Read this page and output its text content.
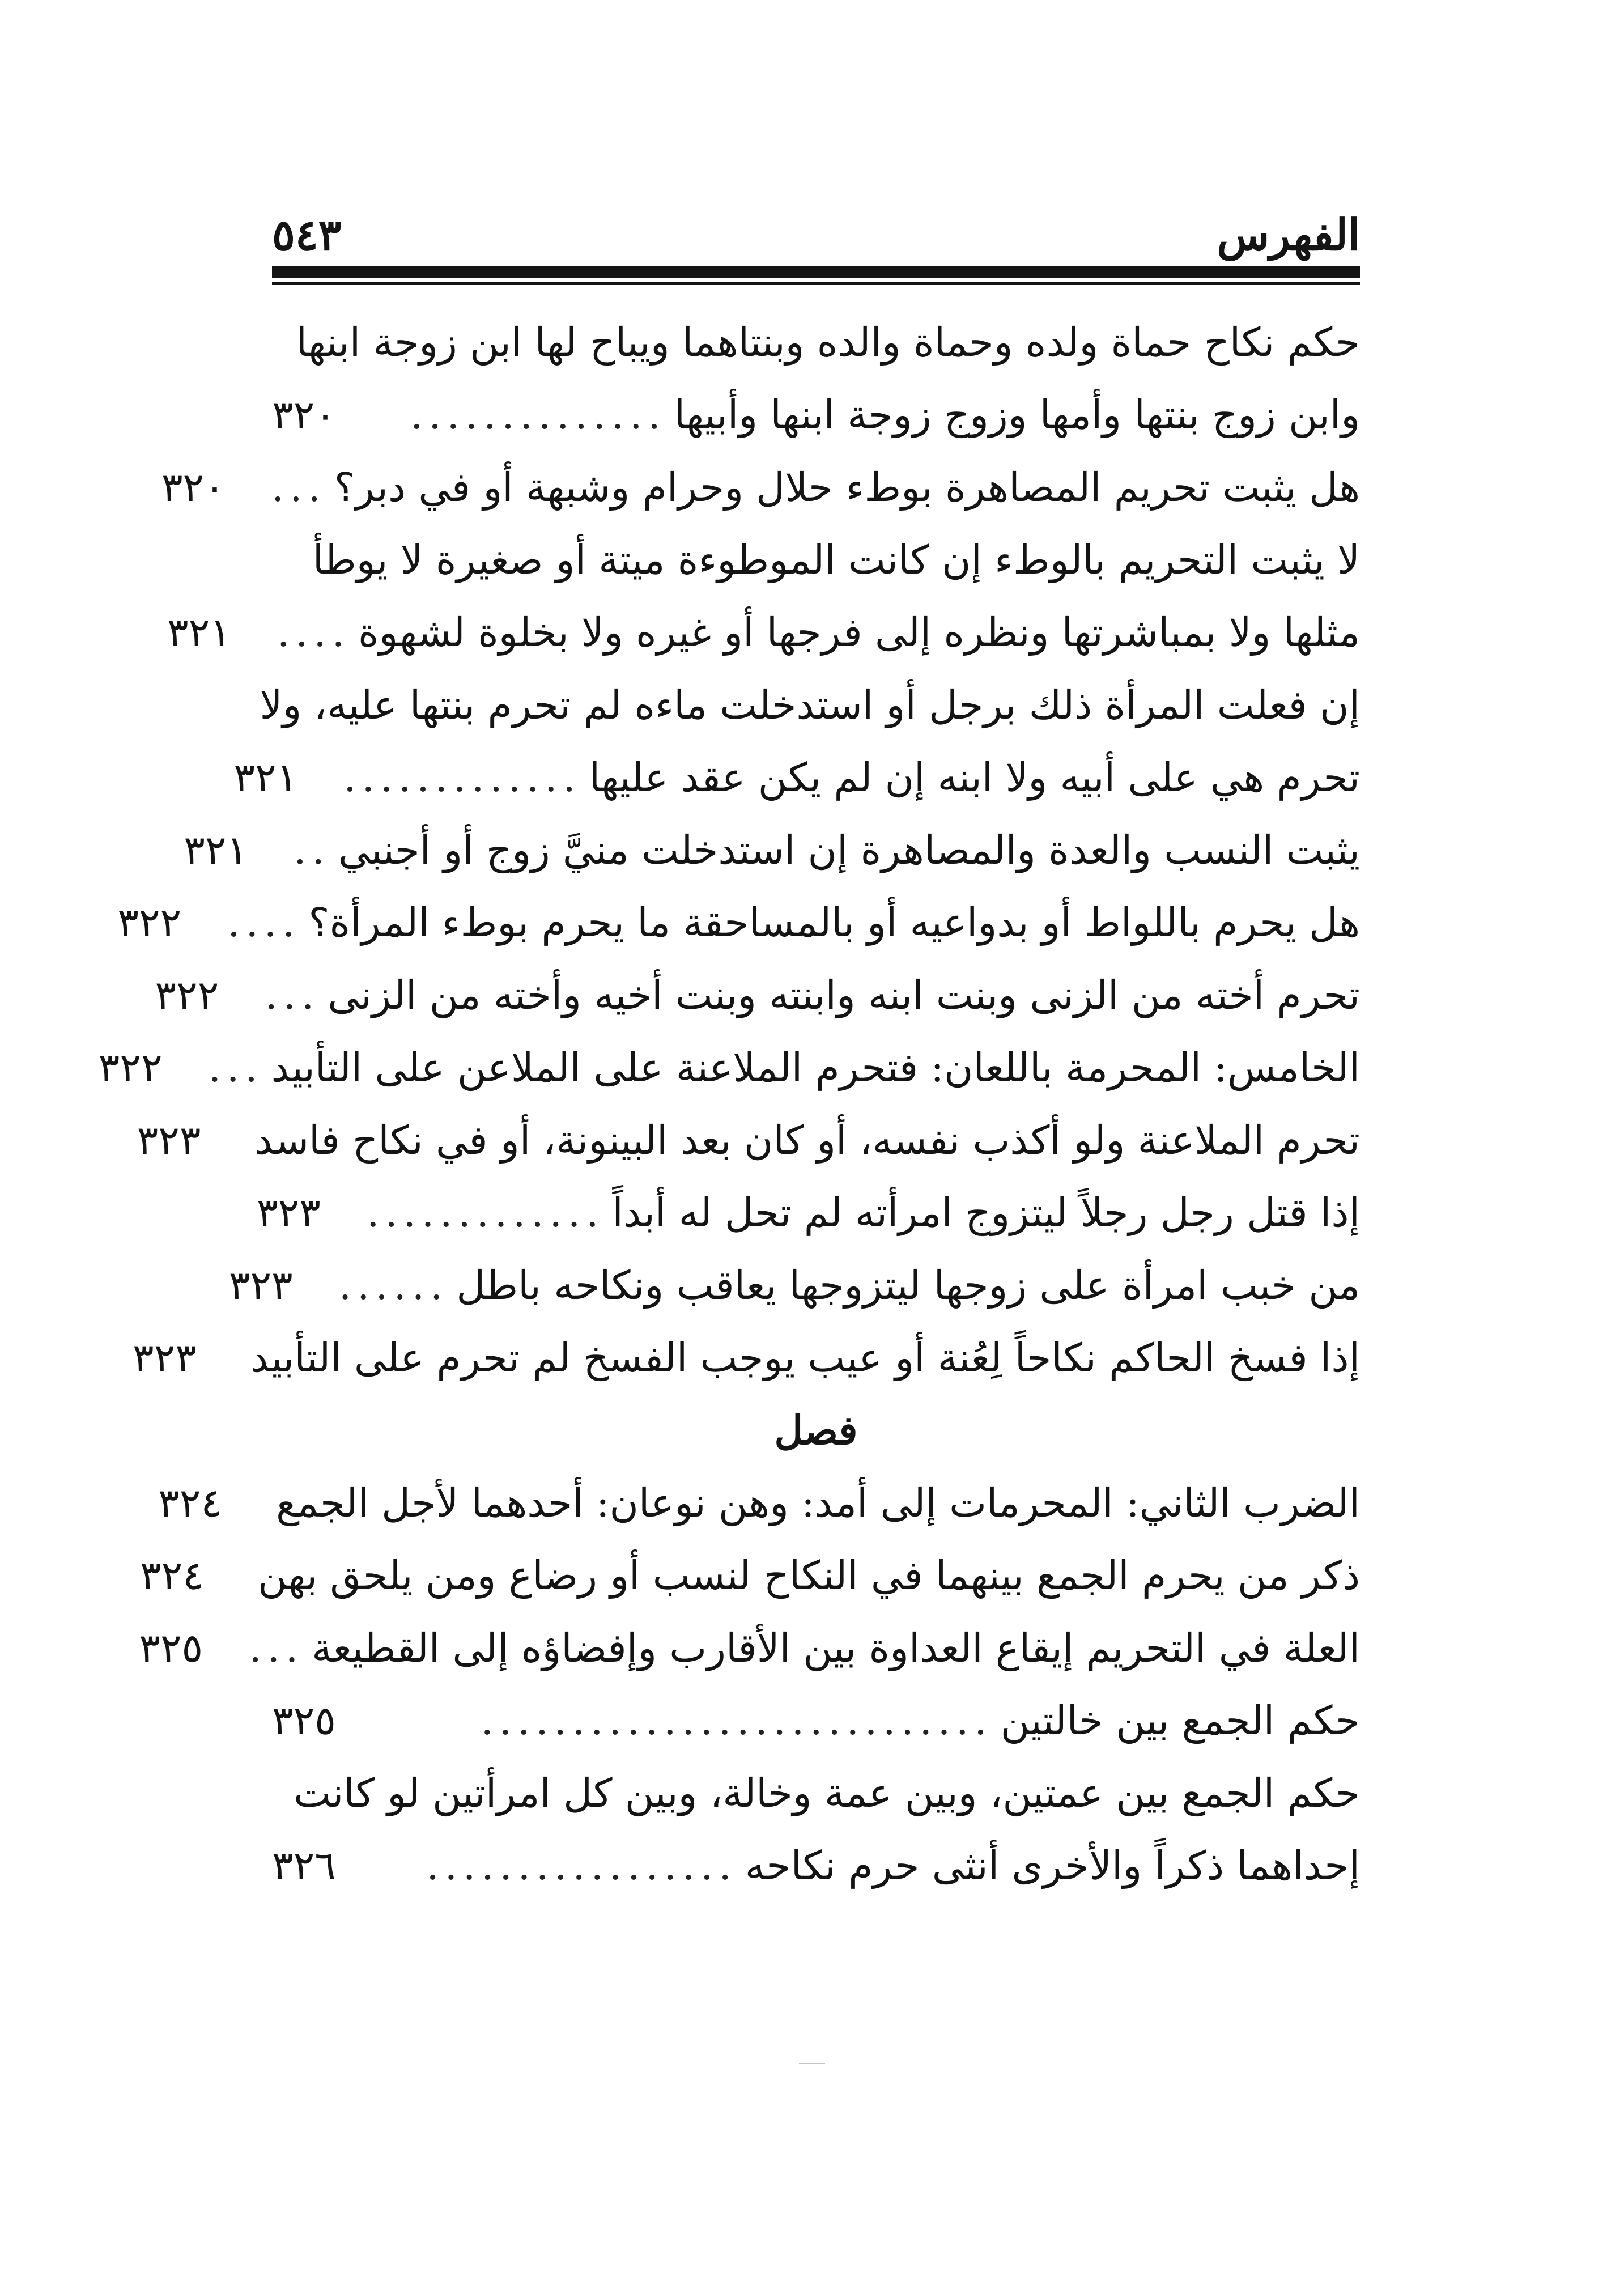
الفهرس
٥٤٣
حكم نكاح حماة ولده وحماة والده وبنتاهما ويباح لها ابن زوجة ابنها
وابن زوج بنتها وأمها وزوج زوجة ابنها وأبيها
..............
٣٢٠
هل يثبت تحريم المصاهرة بوطء حلال وحرام وشبهة أو في دبر؟
...
٣٢٠
لا يثبت التحريم بالوطء إن كانت الموطوءة ميتة أو صغيرة لا يوطأ
مثلها ولا بمباشرتها ونظره إلى فرجها أو غيره ولا بخلوة لشهوة
....
٣٢١
إن فعلت المرأة ذلك برجل أو استدخلت ماءه لم تحرم بنتها عليه، ولا
تحرم هي على أبيه ولا ابنه إن لم يكن عقد عليها
.............
٣٢١
يثبت النسب والعدة والمصاهرة إن استدخلت منيَّ زوج أو أجنبي
..
٣٢١
هل يحرم باللواط أو بدواعيه أو بالمساحقة ما يحرم بوطء المرأة؟
....
٣٢٢
تحرم أخته من الزنى وبنت ابنه وابنته وبنت أخيه وأخته من الزنى
...
٣٢٢
الخامس: المحرمة باللعان: فتحرم الملاعنة على الملاعن على التأبيد
...
٣٢٢
تحرم الملاعنة ولو أكذب نفسه، أو كان بعد البينونة، أو في نكاح فاسد
٣٢٣
إذا قتل رجل رجلاً ليتزوج امرأته لم تحل له أبداً
.............
٣٢٣
من خبب امرأة على زوجها ليتزوجها يعاقب ونكاحه باطل
......
٣٢٣
إذا فسخ الحاكم نكاحاً لِعُنة أو عيب يوجب الفسخ لم تحرم على التأبيد
٣٢٣
فصل
الضرب الثاني: المحرمات إلى أمد: وهن نوعان: أحدهما لأجل الجمع
٣٢٤
ذكر من يحرم الجمع بينهما في النكاح لنسب أو رضاع ومن يلحق بهن
٣٢٤
العلة في التحريم إيقاع العداوة بين الأقارب وإفضاؤه إلى القطيعة
...
٣٢٥
حكم الجمع بين خالتين
............................
٣٢٥
حكم الجمع بين عمتين، وبين عمة وخالة، وبين كل امرأتين لو كانت
إحداهما ذكراً والأخرى أنثى حرم نكاحه
.................
٣٢٦
